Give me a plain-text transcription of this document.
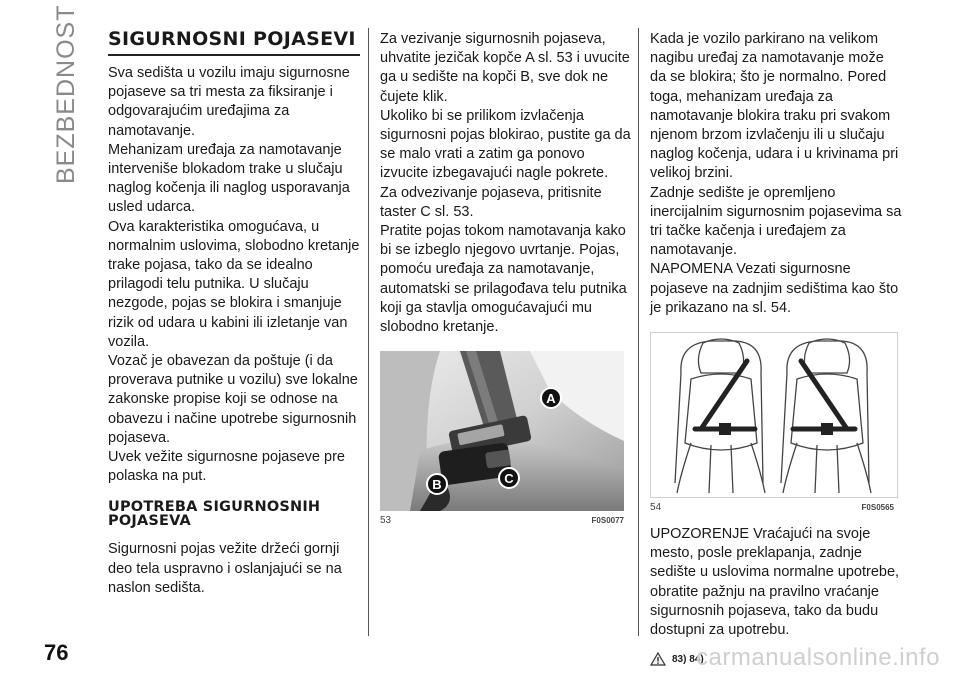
BEZBEDNOST
76
SIGURNOSNI POJASEVI

Sva sedišta u vozilu imaju sigurnosne pojaseve sa tri mesta za fiksiranje i odgovarajućim uređajima za namotavanje.

Mehanizam uređaja za namotavanje interveniše blokadom trake u slučaju naglog kočenja ili naglog usporavanja usled udarca.

Ova karakteristika omogućava, u normalnim uslovima, slobodno kretanje trake pojasa, tako da se idealno prilagodi telu putnika. U slučaju nezgode, pojas se blokira i smanjuje rizik od udara u kabini ili izletanje van vozila.

Vozač je obavezan da poštuje (i da proverava putnike u vozilu) sve lokalne zakonske propise koji se odnose na obavezu i načine upotrebe sigurnosnih pojaseva.

Uvek vežite sigurnosne pojaseve pre polaska na put.

UPOTREBA SIGURNOSNIH POJASEVA

Sigurnosni pojas vežite držeći gornji deo tela uspravno i oslanjajući se na naslon sedišta.

Za vezivanje sigurnosnih pojaseva, uhvatite jezičak kopče A sl. 53 i uvucite ga u sedište na kopči B, sve dok ne čujete klik.

Ukoliko bi se prilikom izvlačenja sigurnosni pojas blokirao, pustite ga da se malo vrati a zatim ga ponovo izvucite izbegavajući nagle pokrete.

Za odvezivanje pojaseva, pritisnite taster C sl. 53.

Pratite pojas tokom namotavanja kako bi se izbeglo njegovo uvrtanje. Pojas, pomoću uređaja za namotavanje, automatski se prilagođava telu putnika koji ga stavlja omogućavajući mu slobodno kretanje.

A
B	C
53	F0S0077

Kada je vozilo parkirano na velikom nagibu uređaj za namotavanje može da se blokira; što je normalno. Pored toga, mehanizam uređaja za namotavanje blokira traku pri svakom njenom brzom izvlačenju ili u slučaju naglog kočenja, udara i u krivinama pri velikoj brzini.

Zadnje sedište je opremljeno inercijalnim sigurnosnim pojasevima sa tri tačke kačenja i uređajem za namotavanje.

NAPOMENA Vezati sigurnosne pojaseve na zadnjim sedištima kao što je prikazano na sl. 54.

54	F0S0565

UPOZORENJE Vraćajući na svoje mesto, posle preklapanja, zadnje sedište u uslovima normalne upotrebe, obratite pažnju na pravilno vraćanje sigurnosnih pojaseva, tako da budu dostupni za upotrebu.

83) 84)
carmanualsonline.info
